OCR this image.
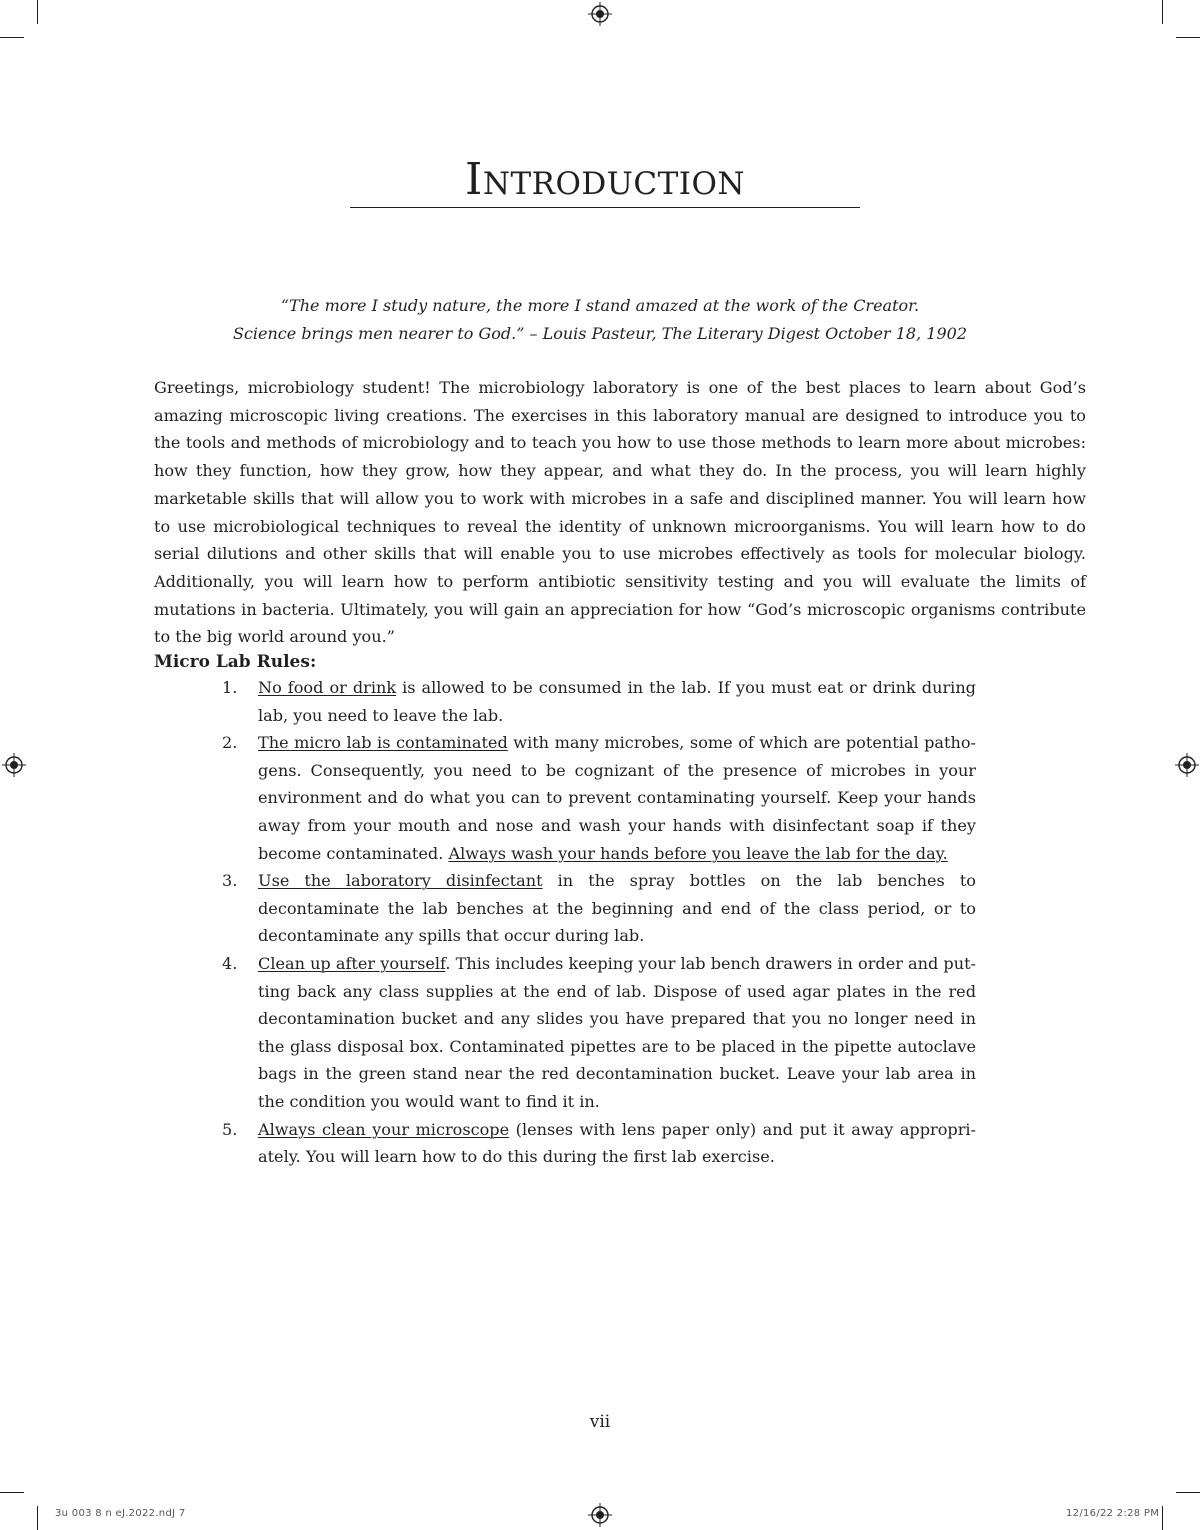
Introduction

“The more I study nature, the more I stand amazed at the work of the Creator.

Science brings men nearer to God.” – Louis Pasteur, The Literary Digest October 18, 1902

Greetings, microbiology student! The microbiology laboratory is one of the best places to learn about God’s amazing microscopic living creations. The exercises in this laboratory manual are designed to introduce you to the tools and methods of microbiology and to teach you how to use those methods to learn more about microbes: how they function, how they grow, how they appear, and what they do. In the process, you will learn highly marketable skills that will allow you to work with microbes in a safe and disciplined manner. You will learn how to use microbiological techniques to reveal the identity of unknown microorganisms. You will learn how to do serial dilutions and other skills that will enable you to use microbes effectively as tools for molecular biology. Additionally, you will learn how to perform antibiotic sensitivity testing and you will evaluate the limits of mutations in bacteria. Ultimately, you will gain an appreciation for how “God’s microscopic organisms contribute to the big world around you.”

Micro Lab Rules:
1. No food or drink is allowed to be consumed in the lab. If you must eat or drink during lab, you need to leave the lab.
2. The micro lab is contaminated with many microbes, some of which are potential pathogens. Consequently, you need to be cognizant of the presence of microbes in your environment and do what you can to prevent contaminating yourself. Keep your hands away from your mouth and nose and wash your hands with disinfectant soap if they become contaminated. Always wash your hands before you leave the lab for the day.
3. Use the laboratory disinfectant in the spray bottles on the lab benches to decontaminate the lab benches at the beginning and end of the class period, or to decontaminate any spills that occur during lab.
4. Clean up after yourself. This includes keeping your lab bench drawers in order and put-ting back any class supplies at the end of lab. Dispose of used agar plates in the red decontamination bucket and any slides you have prepared that you no longer need in the glass disposal box. Contaminated pipettes are to be placed in the pipette autoclave bags in the green stand near the red decontamination bucket. Leave your lab area in the condition you would want to find it in.
5. Always clean your microscope (lenses with lens paper only) and put it away appropri-ately. You will learn how to do this during the first lab exercise.
vii
3u 003 8 n eJ.2022.ndJ 7	12/16/22 2:28 PM
